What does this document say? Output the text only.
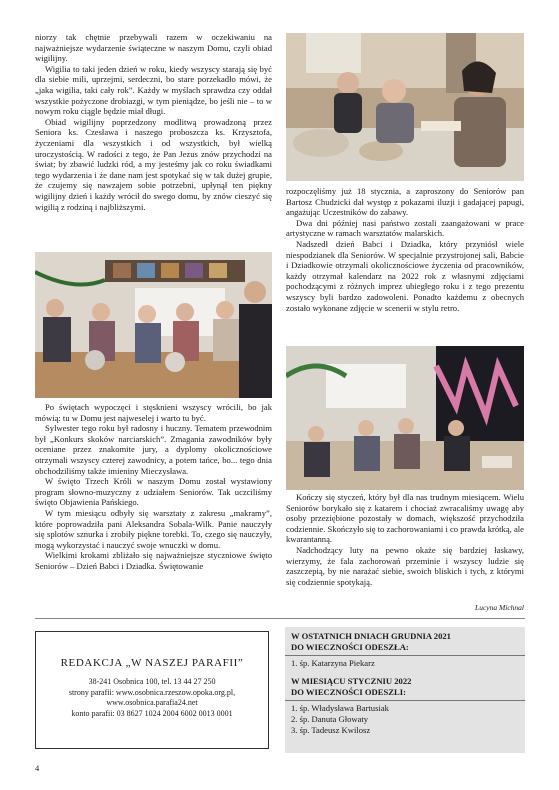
niorzy tak chętnie przebywali razem w oczekiwaniu na najważniejsze wydarzenie świąteczne w naszym Domu, czyli obiad wigilijny.

Wigilia to taki jeden dzień w roku, kiedy wszyscy starają się być dla siebie mili, uprzejmi, serdeczni, bo stare porzekadło mówi, że „jaka wigilia, taki cały rok”. Każdy w myślach sprawdza czy oddał wszystkie pożyczone drobiazgi, w tym pieniądze, bo jeśli nie – to w nowym roku ciągle będzie miał długi.

Obiad wigilijny poprzedzony modlitwą prowadzoną przez Seniora ks. Czesława i naszego proboszcza ks. Krzysztofa, życzeniami dla wszystkich i od wszystkich, był wielką uroczystością. W radości z tego, że Pan Jezus znów przychodzi na świat; by zbawić ludzki ród, a my jesteśmy jak co roku świadkami tego wydarzenia i że dane nam jest spotykać się w tak dużej grupie, że czujemy się nawzajem sobie potrzebni, upłynął ten piękny wigilijny dzień i każdy wrócił do swego domu, by znów cieszyć się wigilią z rodziną i najbliższymi.

Po świętach wypoczęci i stęsknieni wszyscy wrócili, bo jak mówią: tu w Domu jest najweselej i warto tu być.

Sylwester tego roku był radosny i huczny. Tematem przewodnim był „Konkurs skoków narciarskich”. Zmagania zawodników były oceniane przez znakomite jury, a dyplomy okolicznościowe otrzymali wszyscy czterej zawodnicy, a potem tańce, bo... tego dnia obchodziliśmy także imieniny Mieczysława.

W święto Trzech Króli w naszym Domu został wystawiony program słowno-muzyczny z udziałem Seniorów. Tak uczciliśmy święto Objawienia Pańskiego.

W tym miesiącu odbyły się warsztaty z zakresu „makramy”, które poprowadziła pani Aleksandra Sobala-Wilk. Panie nauczyły się splotów sznurka i zrobiły piękne torebki. To, czego się nauczyły, mogą wykorzystać i nauczyć swoje wnuczki w domu.

Wielkimi krokami zbliżało się najważniejsze styczniowe święto Seniorów – Dzień Babci i Dziadka. Świętowanie

rozpoczęliśmy już 18 stycznia, a zaproszony do Seniorów pan Bartosz Chudzicki dał występ z pokazami iluzji i gadającej papugi, angażując Uczestników do zabawy.

Dwa dni później nasi państwo zostali zaangażowani w prace artystyczne w ramach warsztatów malarskich.

Nadszedł dzień Babci i Dziadka, który przyniósł wiele niespodzianek dla Seniorów. W specjalnie przystrojonej sali, Babcie i Dziadkowie otrzymali okolicznościowe życzenia od pracowników, każdy otrzymał kalendarz na 2022 rok z własnymi zdjęciami pochodzącymi z różnych imprez ubiegłego roku i z tego prezentu wszyscy byli bardzo zadowoleni. Ponadto każdemu z obecnych zostało wykonane zdjęcie w scenerii w stylu retro.

Kończy się styczeń, który był dla nas trudnym miesiącem. Wielu Seniorów borykało się z katarem i chociaż zwracaliśmy uwagę aby osoby przeziębione pozostały w domach, większość przychodziła codziennie. Skończyło się to zachorowaniami i co prawda krótką, ale kwarantanną.

Nadchodzący luty na pewno okaże się bardziej łaskawy, wierzymy, że fala zachorowań przeminie i wszyscy ludzie się zaszczepią, by nie narażać siebie, swoich bliskich i tych, z którymi się codziennie spotykają.

Lucyna Michnal
REDAKCJA „W NASZEJ PARAFII”
38-241 Osobnica 100, tel. 13 44 27 250
strony parafii: www.osobnica.rzeszow.opoka.org.pl,
www.osobnica.parafia24.net
konto parafii: 03 8627 1024 2004 6002 0013 0001
W OSTATNICH DNIACH GRUDNIA 2021
DO WIECZNOŚCI ODESZŁA:
1. śp. Katarzyna Piekarz
W MIESIĄCU STYCZNIU 2022
DO WIECZNOŚCI ODESZLI:
1. śp. Władysława Bartusiak
2. śp. Danuta Głowaty
3. śp. Tadeusz Kwilosz
4
